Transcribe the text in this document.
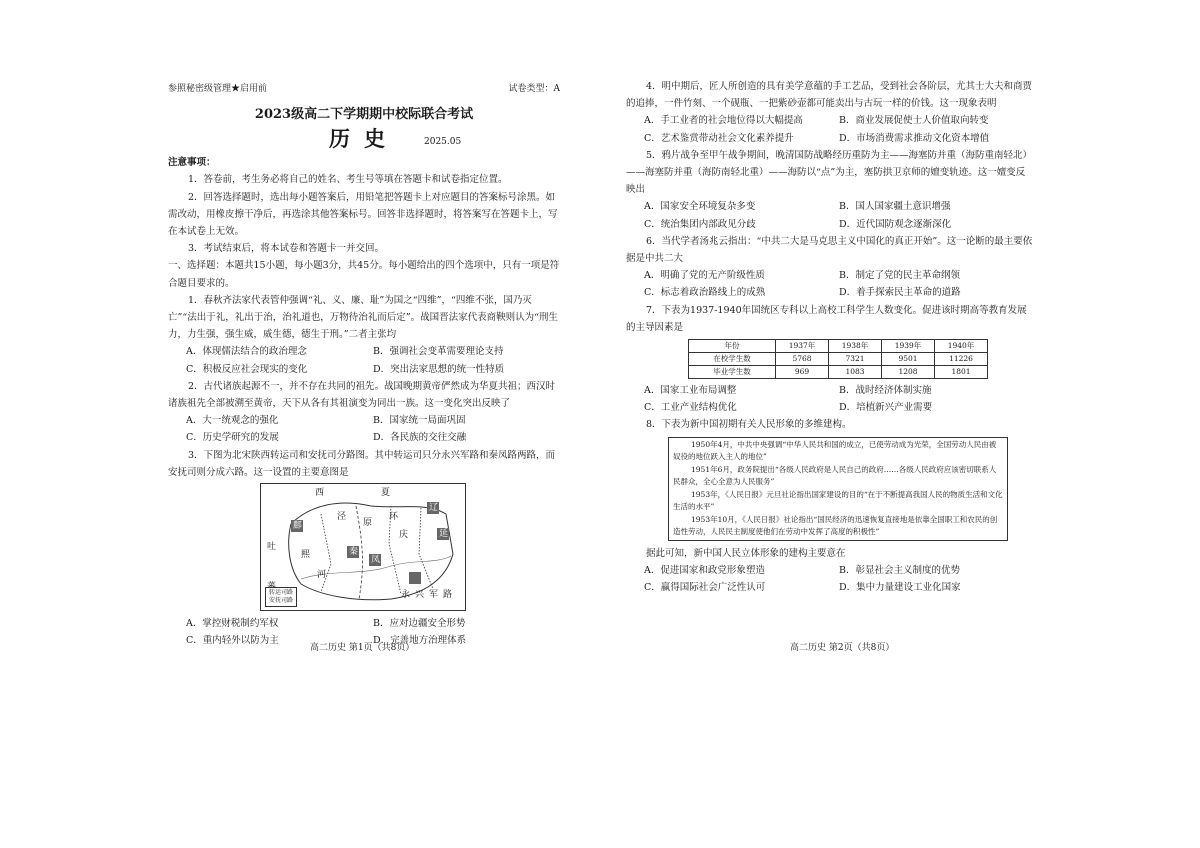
参照秘密级管理★启用前	试卷类型：A
2023级高二下学期期中校际联合考试
历史	2025.05
注意事项：
1．答卷前，考生务必将自己的姓名、考生号等填在答题卡和试卷指定位置。
2．回答选择题时，选出每小题答案后，用铅笔把答题卡上对应题目的答案标号涂黑。如需改动，用橡皮擦干净后，再选涂其他答案标号。回答非选择题时，将答案写在答题卡上，写在本试卷上无效。
3．考试结束后，将本试卷和答题卡一并交回。
一、选择题：本题共15小题，每小题3分，共45分。每小题给出的四个选项中，只有一项是符合题目要求的。
1．春秋齐法家代表管仲强调“礼、义、廉、耻”为国之“四维”，“四维不张，国乃灭亡”“法出于礼，礼出于治，治礼道也，万物待治礼而后定”。战国晋法家代表商鞅则认为“刑生力，力生强，强生威，威生德，德生于刑。”二者主张均
A．体现儒法结合的政治理念	B．强调社会变革需要理论支持
C．积极反应社会现实的变化	D．突出法家思想的统一性特质
2．古代诸族起源不一，并不存在共同的祖先。战国晚期黄帝俨然成为华夏共祖；西汉时诸族祖先全部被溯至黄帝，天下从各有其祖演变为同出一族。这一变化突出反映了
A．大一统观念的强化	B．国家统一局面巩固
C．历史学研究的发展	D．各民族的交往交融
3．下图为北宋陕西转运司和安抚司分路图。其中转运司只分永兴军路和秦凤路两路，而安抚司则分成六路。这一设置的主要意图是
西	夏
辽
吐
鄜
延
泾
原
环
庆
秦
凤
熙
河
永 兴 军 路
转运司路
安抚司路
A．掌控财税制约军权	B．应对边疆安全形势
C．重内轻外以防为主	D．完善地方治理体系
4．明中期后，匠人所创造的具有美学意蕴的手工艺品，受到社会各阶层，尤其士大夫和商贾的追捧，一件竹刻、一个砚瓶、一把紫砂壶都可能卖出与古玩一样的价钱。这一现象表明
A．手工业者的社会地位得以大幅提高	B．商业发展促使士人价值取向转变
C．艺术鉴赏带动社会文化素养提升	D．市场消费需求推动文化资本增值
5．鸦片战争至甲午战争期间，晚清国防战略经历重防为主——海塞防并重（海防重南轻北）——海塞防并重（海防南轻北重）——海防以“点”为主，塞防拱卫京师的嬗变轨迹。这一嬗变反映出
A．国家安全环境复杂多变	B．国人国家疆土意识增强
C．统治集团内部政见分歧	D．近代国防观念逐渐深化
6．当代学者汤兆云指出：“中共二大是马克思主义中国化的真正开始”。这一论断的最主要依据是中共二大
A．明确了党的无产阶级性质	B．制定了党的民主革命纲领
C．标志着政治路线上的成熟	D．着手探索民主革命的道路
7．下表为1937-1940年国统区专科以上高校工科学生人数变化。促进该时期高等教育发展的主导因素是
年份	1937年	1938年	1939年	1940年
在校学生数	5768	7321	9501	11226
毕业学生数	969	1083	1208	1801
A．国家工业布局调整	B．战时经济体制实施
C．工业产业结构优化	D．培植新兴产业需要
8．下表为新中国初期有关人民形象的多维建构。

1950年4月，中共中央强调“中华人民共和国的成立，已使劳动成为光荣，全国劳动人民由被奴役的地位跃入主人的地位”

1951年6月，政务院提出“各级人民政府是人民自己的政府……各级人民政府应该密切联系人民群众，全心全意为人民服务”

1953年，《人民日报》元旦社论指出国家建设的目的“在于不断提高我国人民的物质生活和文化生活的水平”

1953年10月，《人民日报》社论指出“国民经济的迅速恢复直接地是依靠全国职工和农民的创造性劳动，人民民主制度使他们在劳动中发挥了高度的积极性”

据此可知，新中国人民立体形象的建构主要意在
A．促进国家和政党形象塑造	B．彰显社会主义制度的优势
C．赢得国际社会广泛性认可	D．集中力量建设工业化国家
高二历史 第1页（共8页）	高二历史 第2页（共8页）
